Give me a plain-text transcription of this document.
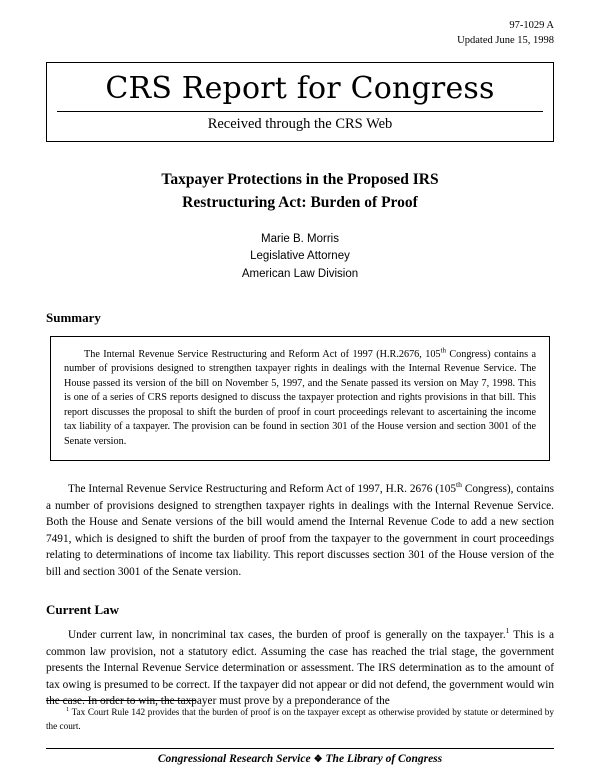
97-1029 A
Updated June 15, 1998
CRS Report for Congress
Received through the CRS Web
Taxpayer Protections in the Proposed IRS
Restructuring Act: Burden of Proof
Marie B. Morris
Legislative Attorney
American Law Division
Summary

The Internal Revenue Service Restructuring and Reform Act of 1997 (H.R.2676, 105th Congress) contains a number of provisions designed to strengthen taxpayer rights in dealings with the Internal Revenue Service. The House passed its version of the bill on November 5, 1997, and the Senate passed its version on May 7, 1998. This is one of a series of CRS reports designed to discuss the taxpayer protection and rights provisions in that bill. This report discusses the proposal to shift the burden of proof in court proceedings relevant to ascertaining the income tax liability of a taxpayer. The provision can be found in section 301 of the House version and section 3001 of the Senate version.

The Internal Revenue Service Restructuring and Reform Act of 1997, H.R. 2676 (105th Congress), contains a number of provisions designed to strengthen taxpayer rights in dealings with the Internal Revenue Service. Both the House and Senate versions of the bill would amend the Internal Revenue Code to add a new section 7491, which is designed to shift the burden of proof from the taxpayer to the government in court proceedings relating to determinations of income tax liability. This report discusses section 301 of the House version of the bill and section 3001 of the Senate version.

Current Law

Under current law, in noncriminal tax cases, the burden of proof is generally on the taxpayer.$^1$ This is a common law provision, not a statutory edict. Assuming the case has reached the trial stage, the government presents the Internal Revenue Service determination or assessment. The IRS determination as to the amount of tax owing is presumed to be correct. If the taxpayer did not appear or did not defend, the government would win the case. In order to win, the taxpayer must prove by a preponderance of the

$^1$ Tax Court Rule 142 provides that the burden of proof is on the taxpayer except as otherwise provided by statute or determined by the court.

Congressional Research Service ❖ The Library of Congress
